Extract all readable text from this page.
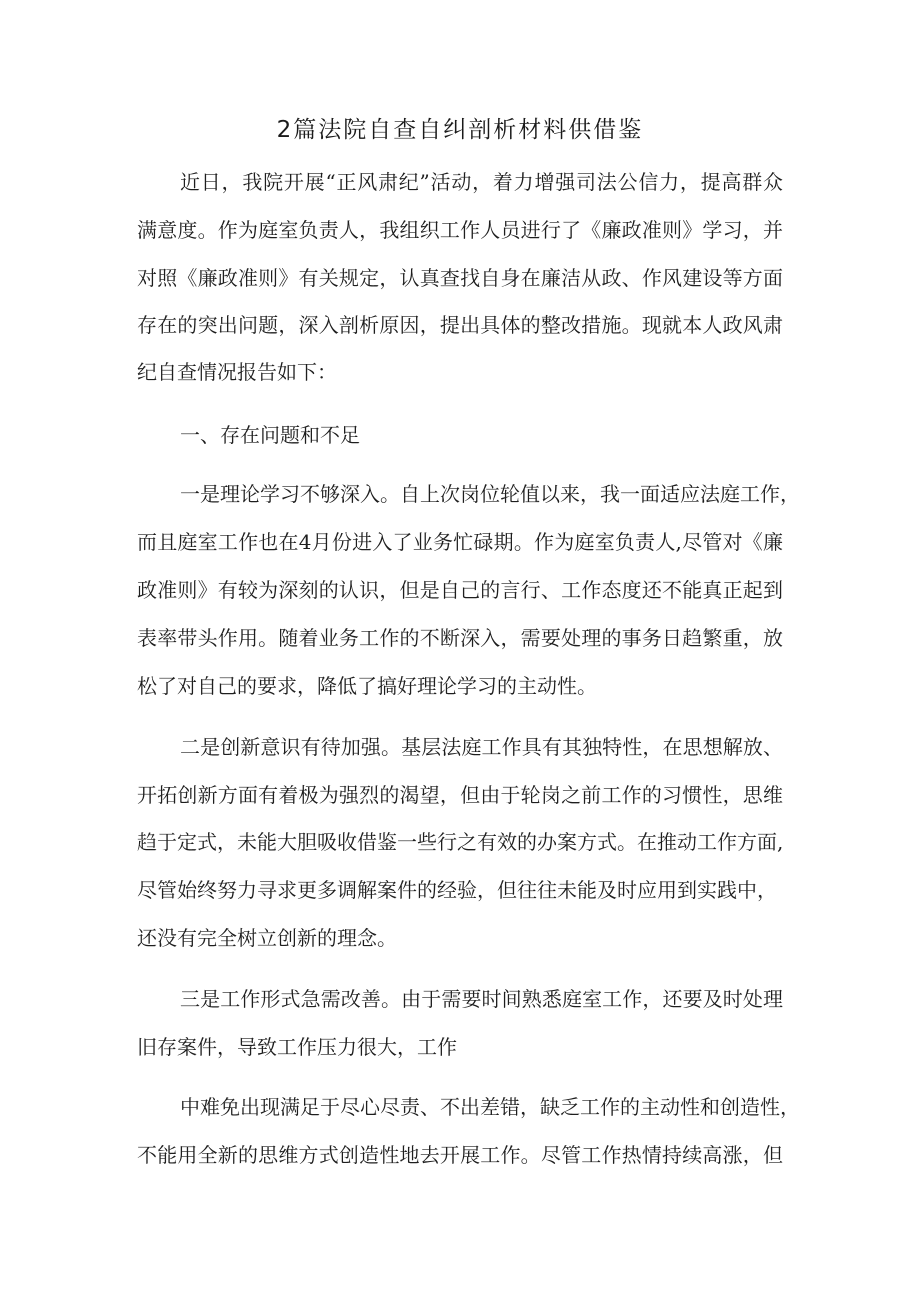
2篇法院自查自纠剖析材料供借鉴
近日，我院开展“正风肃纪”活动，着力增强司法公信力，提高群众
满意度。作为庭室负责人，我组织工作人员进行了《廉政准则》学习，并
对照《廉政准则》有关规定，认真查找自身在廉洁从政、作风建设等方面
存在的突出问题，深入剖析原因，提出具体的整改措施。现就本人政风肃
纪自查情况报告如下：
一、存在问题和不足
一是理论学习不够深入。自上次岗位轮值以来，我一面适应法庭工作，
而且庭室工作也在4月份进入了业务忙碌期。作为庭室负责人,尽管对《廉
政准则》有较为深刻的认识，但是自己的言行、工作态度还不能真正起到
表率带头作用。随着业务工作的不断深入，需要处理的事务日趋繁重，放
松了对自己的要求，降低了搞好理论学习的主动性。
二是创新意识有待加强。基层法庭工作具有其独特性，在思想解放、
开拓创新方面有着极为强烈的渴望，但由于轮岗之前工作的习惯性，思维
趋于定式，未能大胆吸收借鉴一些行之有效的办案方式。在推动工作方面,
尽管始终努力寻求更多调解案件的经验，但往往未能及时应用到实践中，
还没有完全树立创新的理念。
三是工作形式急需改善。由于需要时间熟悉庭室工作，还要及时处理
旧存案件，导致工作压力很大，工作
中难免出现满足于尽心尽责、不出差错，缺乏工作的主动性和创造性，
不能用全新的思维方式创造性地去开展工作。尽管工作热情持续高涨，但
